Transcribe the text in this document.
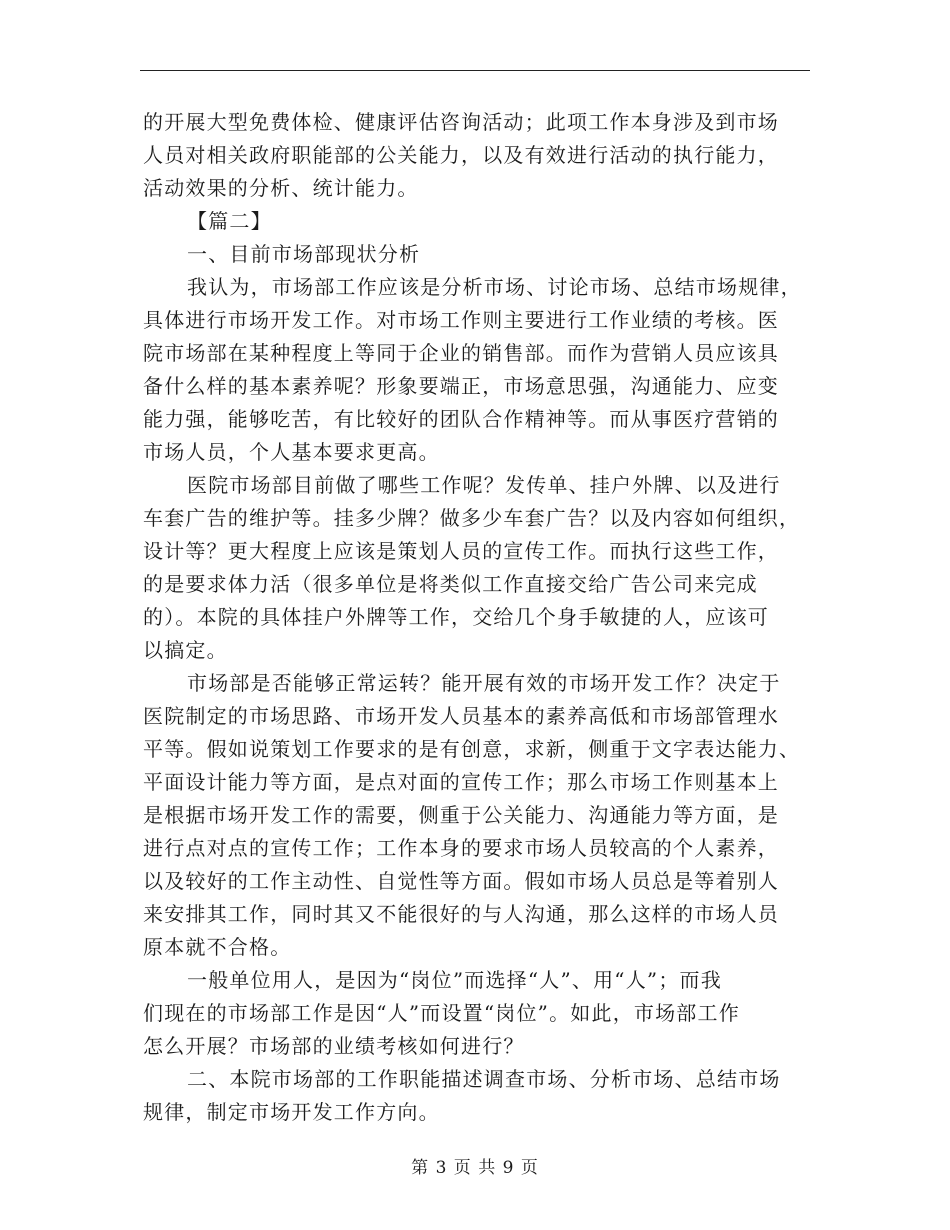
的开展大型免费体检、健康评估咨询活动；此项工作本身涉及到市场
人员对相关政府职能部的公关能力，以及有效进行活动的执行能力，
活动效果的分析、统计能力。

【篇二】

一、目前市场部现状分析

我认为，市场部工作应该是分析市场、讨论市场、总结市场规律，
具体进行市场开发工作。对市场工作则主要进行工作业绩的考核。医
院市场部在某种程度上等同于企业的销售部。而作为营销人员应该具
备什么样的基本素养呢？形象要端正，市场意思强，沟通能力、应变
能力强，能够吃苦，有比较好的团队合作精神等。而从事医疗营销的
市场人员，个人基本要求更高。

医院市场部目前做了哪些工作呢？发传单、挂户外牌、以及进行
车套广告的维护等。挂多少牌？做多少车套广告？以及内容如何组织，
设计等？更大程度上应该是策划人员的宣传工作。而执行这些工作，
的是要求体力活（很多单位是将类似工作直接交给广告公司来完成
的）。本院的具体挂户外牌等工作，交给几个身手敏捷的人，应该可
以搞定。

市场部是否能够正常运转？能开展有效的市场开发工作？决定于
医院制定的市场思路、市场开发人员基本的素养高低和市场部管理水
平等。假如说策划工作要求的是有创意，求新，侧重于文字表达能力、
平面设计能力等方面，是点对面的宣传工作；那么市场工作则基本上
是根据市场开发工作的需要，侧重于公关能力、沟通能力等方面，是
进行点对点的宣传工作；工作本身的要求市场人员较高的个人素养，
以及较好的工作主动性、自觉性等方面。假如市场人员总是等着别人
来安排其工作，同时其又不能很好的与人沟通，那么这样的市场人员
原本就不合格。

一般单位用人，是因为“岗位”而选择“人”、用“人”；而我
们现在的市场部工作是因“人”而设置“岗位”。如此，市场部工作
怎么开展？市场部的业绩考核如何进行？

二、本院市场部的工作职能描述调查市场、分析市场、总结市场
规律，制定市场开发工作方向。

第 3 页 共 9 页
